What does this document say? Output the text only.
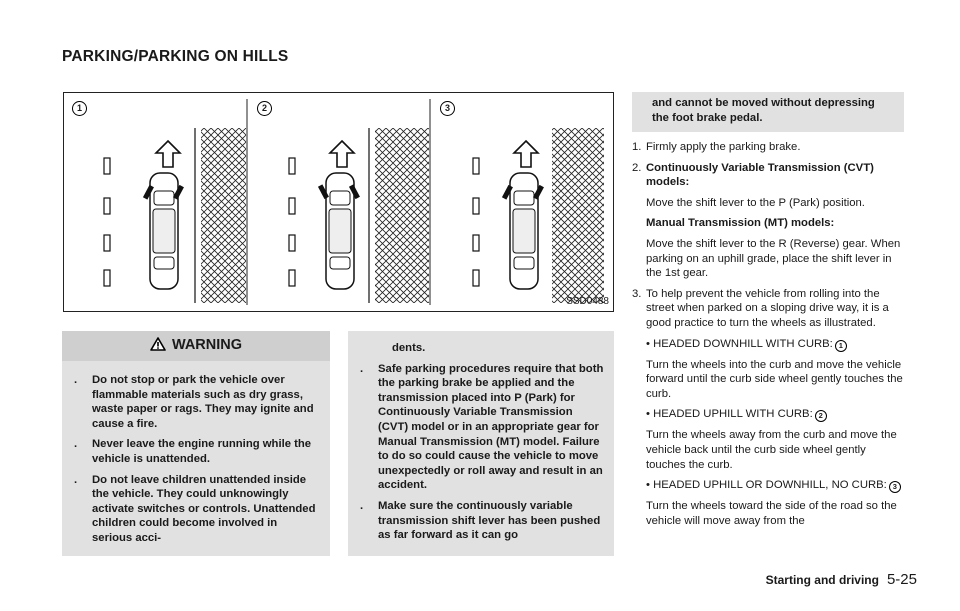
PARKING/PARKING ON HILLS
1	2	3
SSD0488
WARNING
. Do not stop or park the vehicle over flammable materials such as dry grass, waste paper or rags. They may ignite and cause a fire.
. Never leave the engine running while the vehicle is unattended.
. Do not leave children unattended inside the vehicle. They could unknowingly activate switches or controls. Unattended children could become involved in serious acci-
dents.
. Safe parking procedures require that both the parking brake be applied and the transmission placed into P (Park) for Continuously Variable Transmission (CVT) model or in an appropriate gear for Manual Transmission (MT) model. Failure to do so could cause the vehicle to move unexpectedly or roll away and result in an accident.
. Make sure the continuously variable transmission shift lever has been pushed as far forward as it can go
and cannot be moved without depressing the foot brake pedal.

1. Firmly apply the parking brake.

2. Continuously Variable Transmission (CVT) models:

Move the shift lever to the P (Park) position.

Manual Transmission (MT) models:

Move the shift lever to the R (Reverse) gear. When parking on an uphill grade, place the shift lever in the 1st gear.

3. To help prevent the vehicle from rolling into the street when parked on a sloping drive way, it is a good practice to turn the wheels as illustrated.

• HEADED DOWNHILL WITH CURB: 1

Turn the wheels into the curb and move the vehicle forward until the curb side wheel gently touches the curb.

• HEADED UPHILL WITH CURB: 2

Turn the wheels away from the curb and move the vehicle back until the curb side wheel gently touches the curb.

• HEADED UPHILL OR DOWNHILL, NO CURB: 3

Turn the wheels toward the side of the road so the vehicle will move away from the

Starting and driving 5-25
